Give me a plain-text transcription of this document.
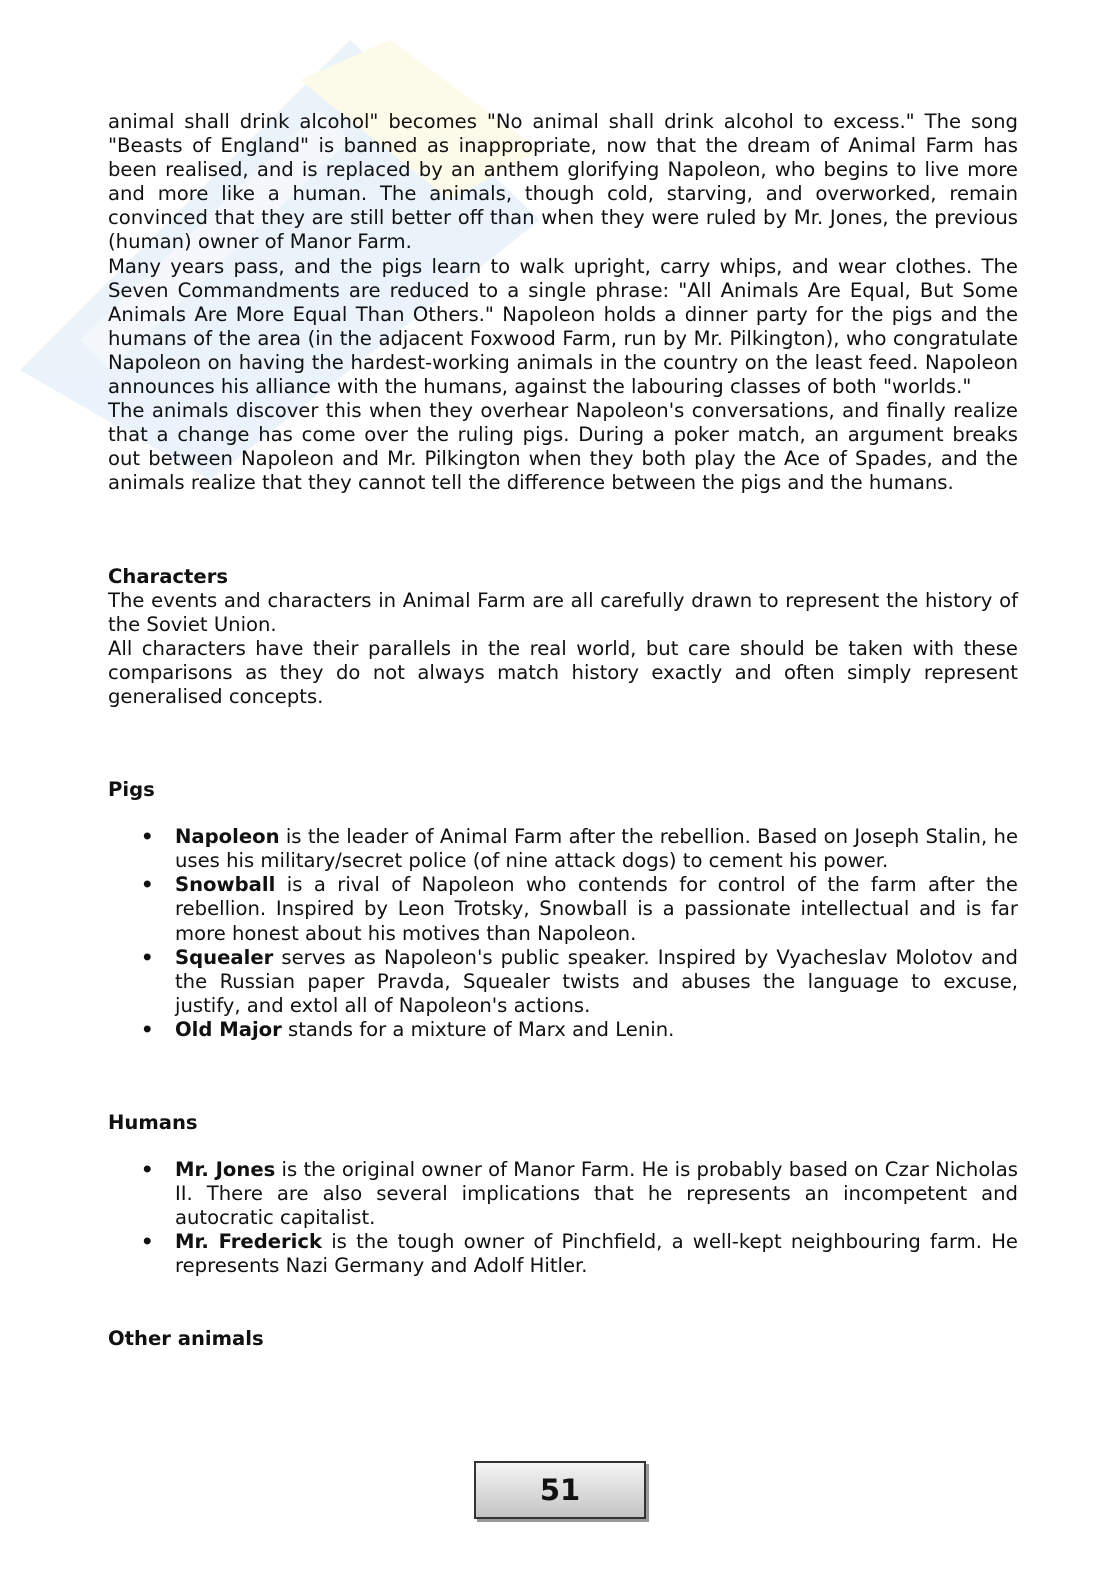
animal shall drink alcohol" becomes "No animal shall drink alcohol to excess." The song "Beasts of England" is banned as inappropriate, now that the dream of Animal Farm has been realised, and is replaced by an anthem glorifying Napoleon, who begins to live more and more like a human. The animals, though cold, starving, and overworked, remain convinced that they are still better off than when they were ruled by Mr. Jones, the previous (human) owner of Manor Farm.

Many years pass, and the pigs learn to walk upright, carry whips, and wear clothes. The Seven Commandments are reduced to a single phrase: "All Animals Are Equal, But Some Animals Are More Equal Than Others." Napoleon holds a dinner party for the pigs and the humans of the area (in the adjacent Foxwood Farm, run by Mr. Pilkington), who congratulate Napoleon on having the hardest-working animals in the country on the least feed. Napoleon announces his alliance with the humans, against the labouring classes of both "worlds."

The animals discover this when they overhear Napoleon's conversations, and finally realize that a change has come over the ruling pigs. During a poker match, an argument breaks out between Napoleon and Mr. Pilkington when they both play the Ace of Spades, and the animals realize that they cannot tell the difference between the pigs and the humans.

Characters

The events and characters in Animal Farm are all carefully drawn to represent the history of the Soviet Union.

All characters have their parallels in the real world, but care should be taken with these comparisons as they do not always match history exactly and often simply represent generalised concepts.

Pigs
• Napoleon is the leader of Animal Farm after the rebellion. Based on Joseph Stalin, he uses his military/secret police (of nine attack dogs) to cement his power.
• Snowball is a rival of Napoleon who contends for control of the farm after the rebellion. Inspired by Leon Trotsky, Snowball is a passionate intellectual and is far more honest about his motives than Napoleon.
• Squealer serves as Napoleon's public speaker. Inspired by Vyacheslav Molotov and the Russian paper Pravda, Squealer twists and abuses the language to excuse, justify, and extol all of Napoleon's actions.
• Old Major stands for a mixture of Marx and Lenin.
Humans
• Mr. Jones is the original owner of Manor Farm. He is probably based on Czar Nicholas II. There are also several implications that he represents an incompetent and autocratic capitalist.
• Mr. Frederick is the tough owner of Pinchfield, a well-kept neighbouring farm. He represents Nazi Germany and Adolf Hitler.
Other animals
51
